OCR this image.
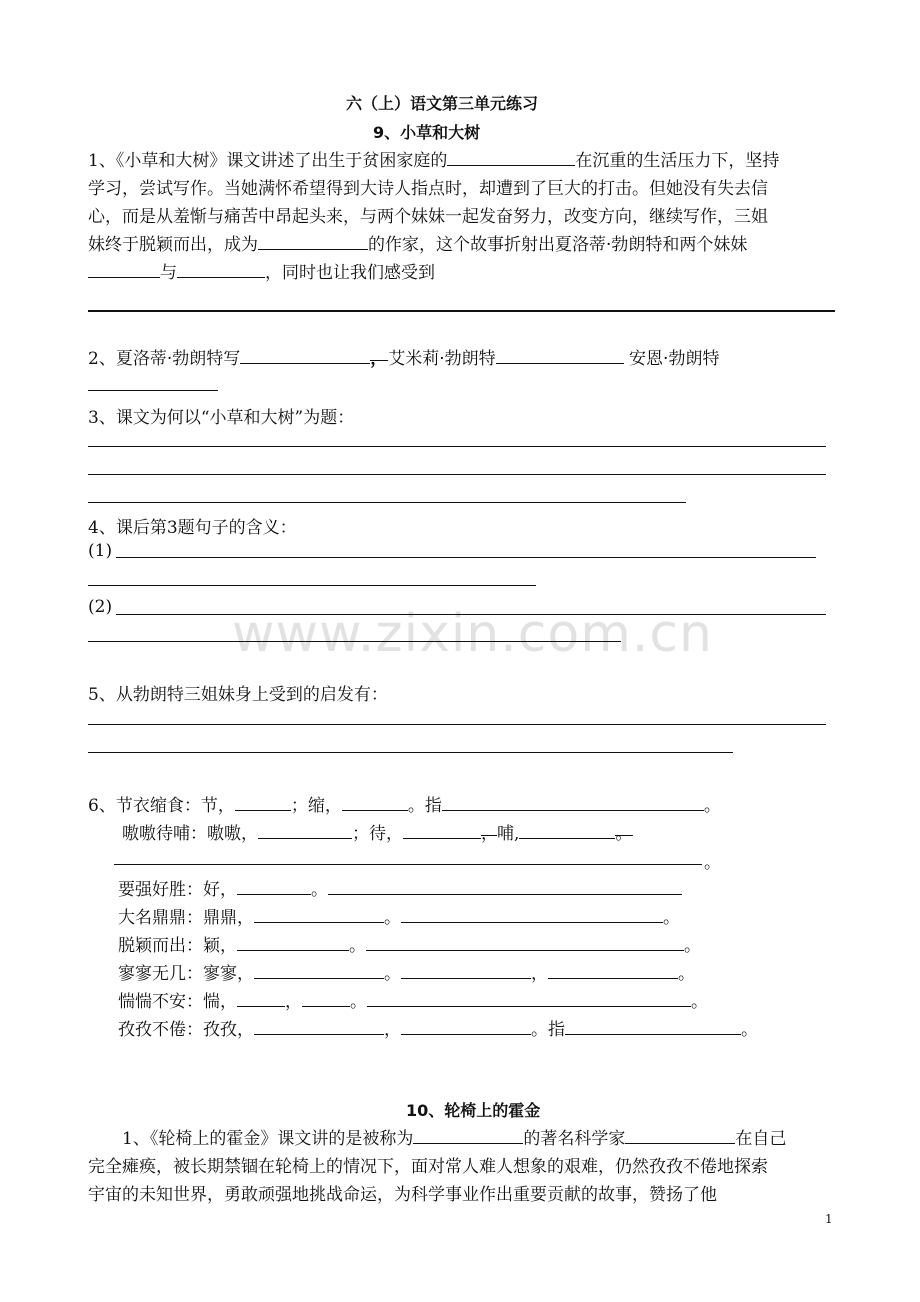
www.zixin.com.cn
六（上）语文第三单元练习
9、小草和大树
1、《小草和大树》课文讲述了出生于贫困家庭的	在沉重的生活压力下，坚持
学习，尝试写作。当她满怀希望得到大诗人指点时，却遭到了巨大的打击。但她没有失去信
心，而是从羞惭与痛苦中昂起头来，与两个妹妹一起发奋努力，改变方向，继续写作，三姐
妹终于脱颖而出，成为	的作家，这个故事折射出夏洛蒂·勃朗特和两个妹妹
与	，同时也让我们感受到
2、夏洛蒂·勃朗特写	，艾米莉·勃朗特	安恩·勃朗特
3、课文为何以“小草和大树”为题：
4、课后第3题句子的含义：
(1)
(2)
5、从勃朗特三姐妹身上受到的启发有：
6、节衣缩食：节，	；缩，	。指	。
嗷嗷待哺：嗷嗷，	；待，	，哺,	。
。
要强好胜：好，	。
大名鼎鼎：鼎鼎，	。	。
脱颖而出：颖，	。	。
寥寥无几：寥寥，	。	，	。
惴惴不安：惴，	，	。	。
孜孜不倦：孜孜，	，	。指	。
10、轮椅上的霍金
1、《轮椅上的霍金》课文讲的是被称为	的著名科学家	在自己
完全瘫痪，被长期禁锢在轮椅上的情况下，面对常人难人想象的艰难，仍然孜孜不倦地探索
宇宙的未知世界，勇敢顽强地挑战命运，为科学事业作出重要贡献的故事，赞扬了他
1
